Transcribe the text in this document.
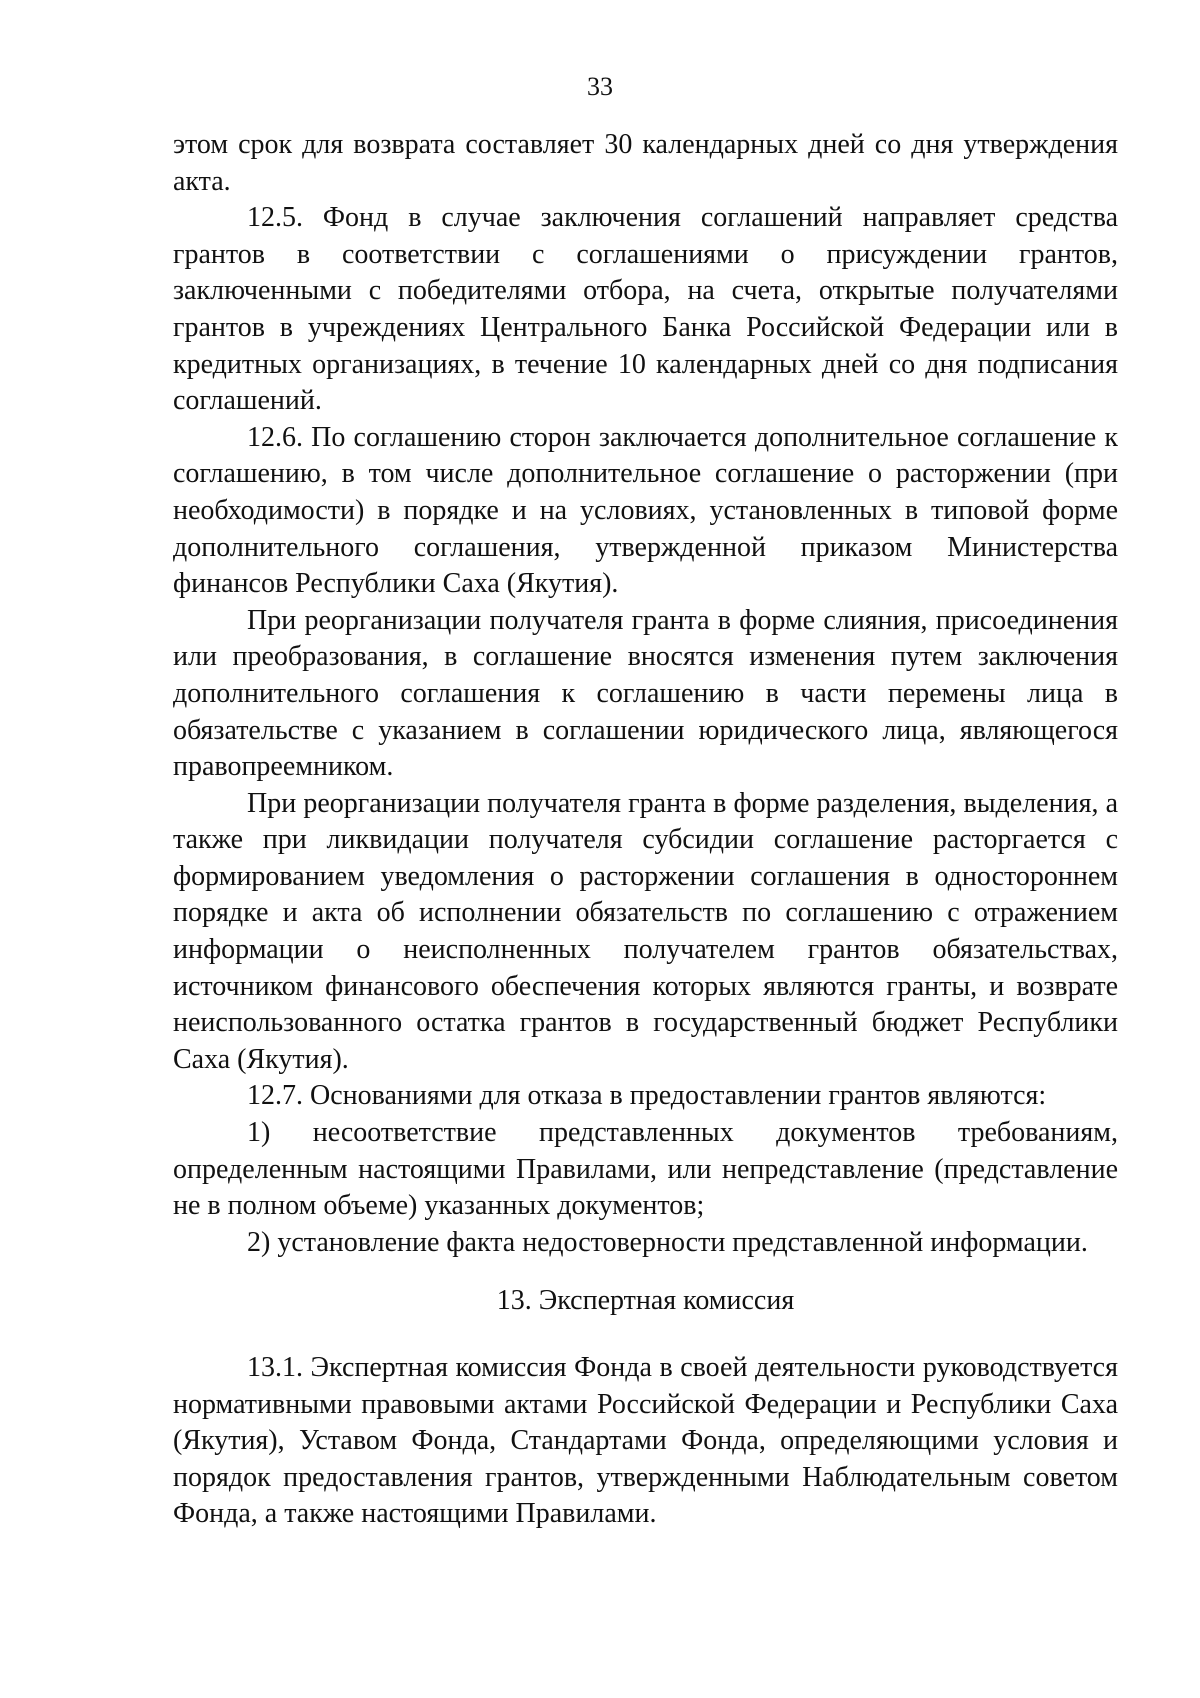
33

этом срок для возврата составляет 30 календарных дней со дня утверждения акта.

12.5. Фонд в случае заключения соглашений направляет средства грантов в соответствии с соглашениями о присуждении грантов, заключенными с победителями отбора, на счета, открытые получателями грантов в учреждениях Центрального Банка Российской Федерации или в кредитных организациях, в течение 10 календарных дней со дня подписания соглашений.

12.6. По соглашению сторон заключается дополнительное соглашение к соглашению, в том числе дополнительное соглашение о расторжении (при необходимости) в порядке и на условиях, установленных в типовой форме дополнительного соглашения, утвержденной приказом Министерства финансов Республики Саха (Якутия).

При реорганизации получателя гранта в форме слияния, присоединения или преобразования, в соглашение вносятся изменения путем заключения дополнительного соглашения к соглашению в части перемены лица в обязательстве с указанием в соглашении юридического лица, являющегося правопреемником.

При реорганизации получателя гранта в форме разделения, выделения, а также при ликвидации получателя субсидии соглашение расторгается с формированием уведомления о расторжении соглашения в одностороннем порядке и акта об исполнении обязательств по соглашению с отражением информации о неисполненных получателем грантов обязательствах, источником финансового обеспечения которых являются гранты, и возврате неиспользованного остатка грантов в государственный бюджет Республики Саха (Якутия).

12.7. Основаниями для отказа в предоставлении грантов являются:

1) несоответствие представленных документов требованиям, определенным настоящими Правилами, или непредставление (представление не в полном объеме) указанных документов;

2) установление факта недостоверности представленной информации.

13. Экспертная комиссия

13.1. Экспертная комиссия Фонда в своей деятельности руководствуется нормативными правовыми актами Российской Федерации и Республики Саха (Якутия), Уставом Фонда, Стандартами Фонда, определяющими условия и порядок предоставления грантов, утвержденными Наблюдательным советом Фонда, а также настоящими Правилами.
